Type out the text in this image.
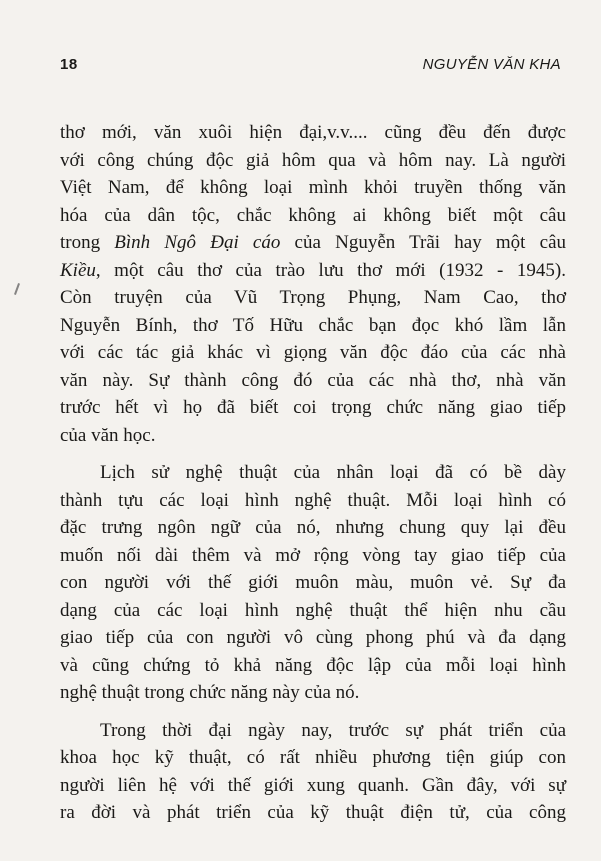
18	NGUYỄN VĂN KHA
thơ mới, văn xuôi hiện đại,v.v.... cũng đều đến được
với công chúng độc giả hôm qua và hôm nay. Là người
Việt Nam, để không loại mình khỏi truyền thống văn
hóa của dân tộc, chắc không ai không biết một câu
trong Bình Ngô Đại cáo của Nguyễn Trãi hay một câu
Kiều, một câu thơ của trào lưu thơ mới (1932 - 1945).
Còn truyện của Vũ Trọng Phụng, Nam Cao, thơ
Nguyễn Bính, thơ Tố Hữu chắc bạn đọc khó lầm lẫn
với các tác giả khác vì giọng văn độc đáo của các nhà
văn này. Sự thành công đó của các nhà thơ, nhà văn
trước hết vì họ đã biết coi trọng chức năng giao tiếp
của văn học.
Lịch sử nghệ thuật của nhân loại đã có bề dày
thành tựu các loại hình nghệ thuật. Mỗi loại hình có
đặc trưng ngôn ngữ của nó, nhưng chung quy lại đều
muốn nối dài thêm và mở rộng vòng tay giao tiếp của
con người với thế giới muôn màu, muôn vẻ. Sự đa
dạng của các loại hình nghệ thuật thể hiện nhu cầu
giao tiếp của con người vô cùng phong phú và đa dạng
và cũng chứng tỏ khả năng độc lập của mỗi loại hình
nghệ thuật trong chức năng này của nó.
Trong thời đại ngày nay, trước sự phát triển của
khoa học kỹ thuật, có rất nhiều phương tiện giúp con
người liên hệ với thế giới xung quanh. Gần đây, với sự
ra đời và phát triển của kỹ thuật điện tử, của công
